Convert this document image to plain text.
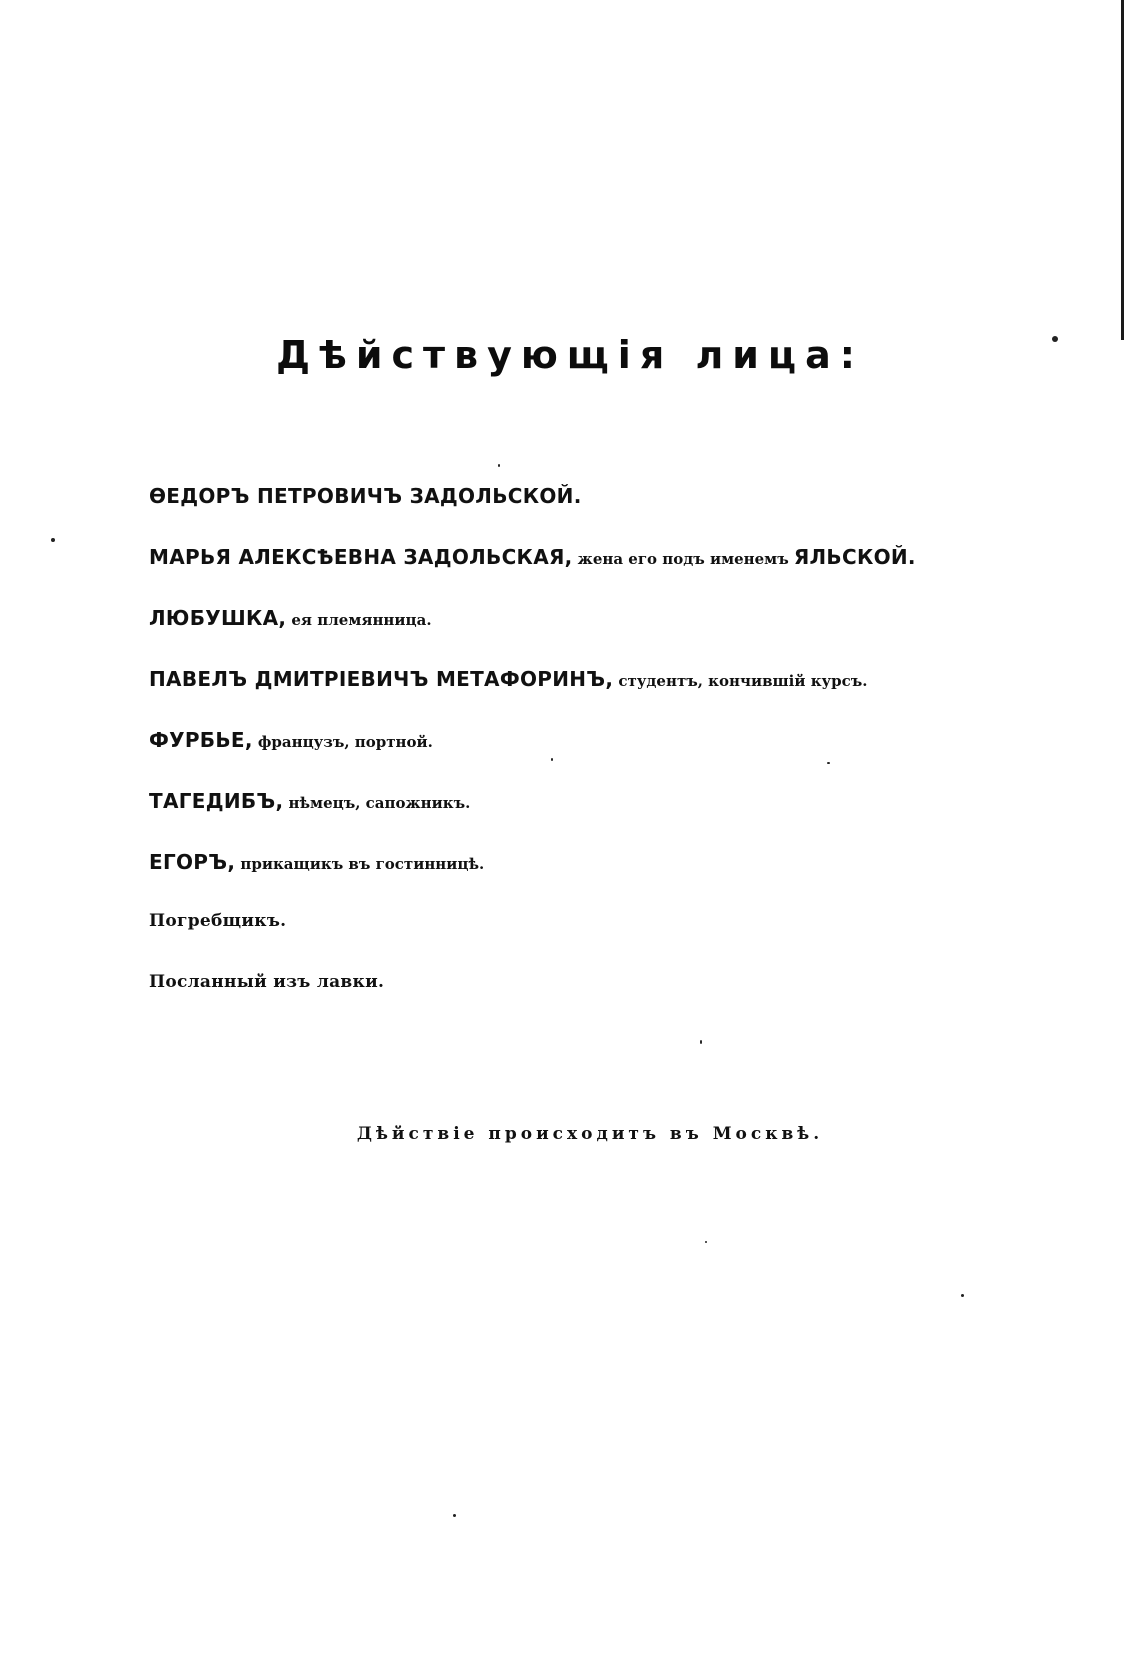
Дѣйствующія лица:
ѲЕДОРЪ ПЕТРОВИЧЪ ЗАДОЛЬСКОЙ.
МАРЬЯ АЛЕКСѢЕВНА ЗАДОЛЬСКАЯ, жена его подъ именемъ ЯЛЬСКОЙ.
ЛЮБУШКА, ея племянница.
ПАВЕЛЪ ДМИТРІЕВИЧЪ МЕТАФОРИНЪ, студентъ, кончившій курсъ.
ФУРБЬЕ, французъ, портной.
ТАГЕДИБЪ, нѣмецъ, сапожникъ.
ЕГОРЪ, прикащикъ въ гостинницѣ.
Погребщикъ.
Посланный изъ лавки.
Дѣйствіе происходитъ въ Москвѣ.
